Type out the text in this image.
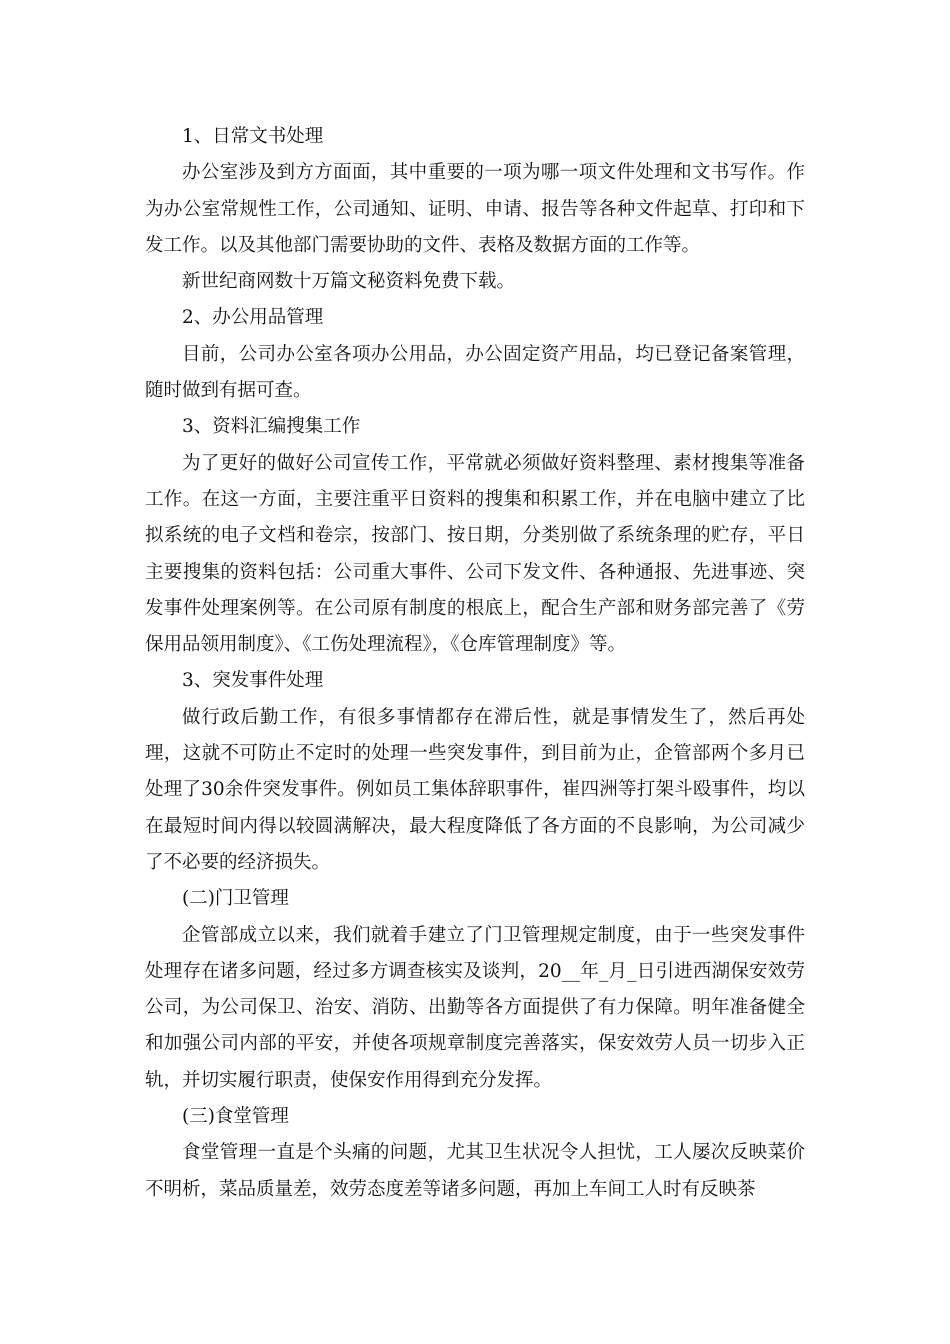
1、日常文书处理

办公室涉及到方方面面，其中重要的一项为哪一项文件处理和文书写作。作为办公室常规性工作，公司通知、证明、申请、报告等各种文件起草、打印和下发工作。以及其他部门需要协助的文件、表格及数据方面的工作等。

新世纪商网数十万篇文秘资料免费下载。

2、办公用品管理

目前，公司办公室各项办公用品，办公固定资产用品，均已登记备案管理，随时做到有据可查。

3、资料汇编搜集工作

为了更好的做好公司宣传工作，平常就必须做好资料整理、素材搜集等准备工作。在这一方面，主要注重平日资料的搜集和积累工作，并在电脑中建立了比拟系统的电子文档和卷宗，按部门、按日期，分类别做了系统条理的贮存，平日主要搜集的资料包括：公司重大事件、公司下发文件、各种通报、先进事迹、突发事件处理案例等。在公司原有制度的根底上，配合生产部和财务部完善了《劳保用品领用制度》、《工伤处理流程》，《仓库管理制度》等。

3、突发事件处理

做行政后勤工作，有很多事情都存在滞后性，就是事情发生了，然后再处理，这就不可防止不定时的处理一些突发事件，到目前为止，企管部两个多月已处理了30余件突发事件。例如员工集体辞职事件，崔四洲等打架斗殴事件，均以在最短时间内得以较圆满解决，最大程度降低了各方面的不良影响，为公司减少了不必要的经济损失。

(二)门卫管理

企管部成立以来，我们就着手建立了门卫管理规定制度，由于一些突发事件处理存在诸多问题，经过多方调查核实及谈判，20__年_月_日引进西湖保安效劳公司，为公司保卫、治安、消防、出勤等各方面提供了有力保障。明年准备健全和加强公司内部的平安，并使各项规章制度完善落实，保安效劳人员一切步入正轨，并切实履行职责，使保安作用得到充分发挥。

(三)食堂管理

食堂管理一直是个头痛的问题，尤其卫生状况令人担忧，工人屡次反映菜价不明析，菜品质量差，效劳态度差等诸多问题，再加上车间工人时有反映茶
